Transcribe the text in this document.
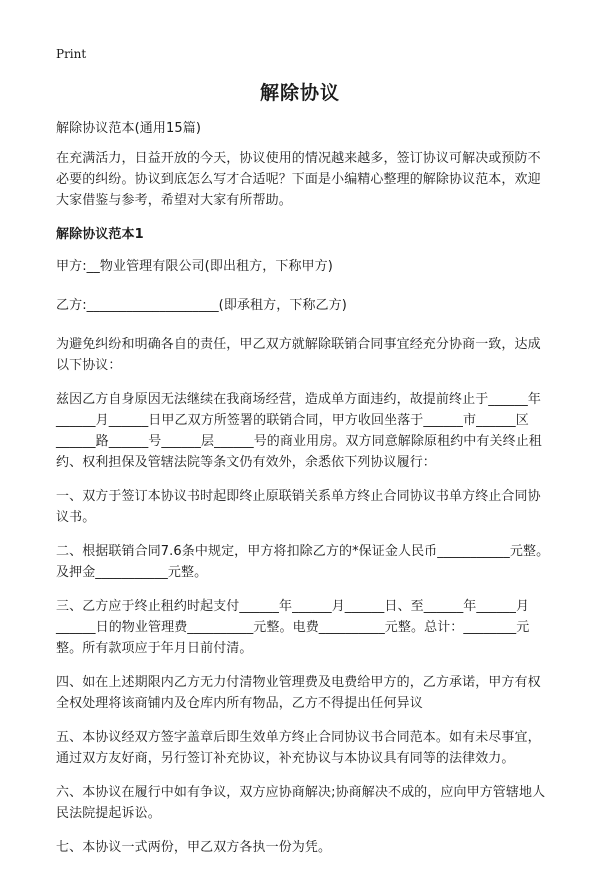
Print
解除协议

解除协议范本(通用15篇)

在充满活力，日益开放的今天，协议使用的情况越来越多，签订协议可解决或预防不必要的纠纷。协议到底怎么写才合适呢？下面是小编精心整理的解除协议范本，欢迎大家借鉴与参考，希望对大家有所帮助。

解除协议范本1

甲方:__物业管理有限公司(即出租方，下称甲方)

乙方:____________________(即承租方，下称乙方)

为避免纠纷和明确各自的责任，甲乙双方就解除联销合同事宜经充分协商一致，达成以下协议：

兹因乙方自身原因无法继续在我商场经营，造成单方面违约，故提前终止于______年______月______日甲乙双方所签署的联销合同，甲方收回坐落于______市______区______路______号______层______号的商业用房。双方同意解除原租约中有关终止租约、权利担保及管辖法院等条文仍有效外，余悉依下列协议履行：

一、双方于签订本协议书时起即终止原联销关系单方终止合同协议书单方终止合同协议书。

二、根据联销合同7.6条中规定，甲方将扣除乙方的*保证金人民币___________元整。及押金___________元整。

三、乙方应于终止租约时起支付______年______月______日、至______年______月______日的物业管理费__________元整。电费__________元整。总计：________元整。所有款项应于年月日前付清。

四、如在上述期限内乙方无力付清物业管理费及电费给甲方的，乙方承诺，甲方有权全权处理将该商铺内及仓库内所有物品，乙方不得提出任何异议

五、本协议经双方签字盖章后即生效单方终止合同协议书合同范本。如有未尽事宜，通过双方友好商，另行签订补充协议，补充协议与本协议具有同等的法律效力。

六、本协议在履行中如有争议，双方应协商解决;协商解决不成的，应向甲方管辖地人民法院提起诉讼。

七、本协议一式两份，甲乙双方各执一份为凭。
